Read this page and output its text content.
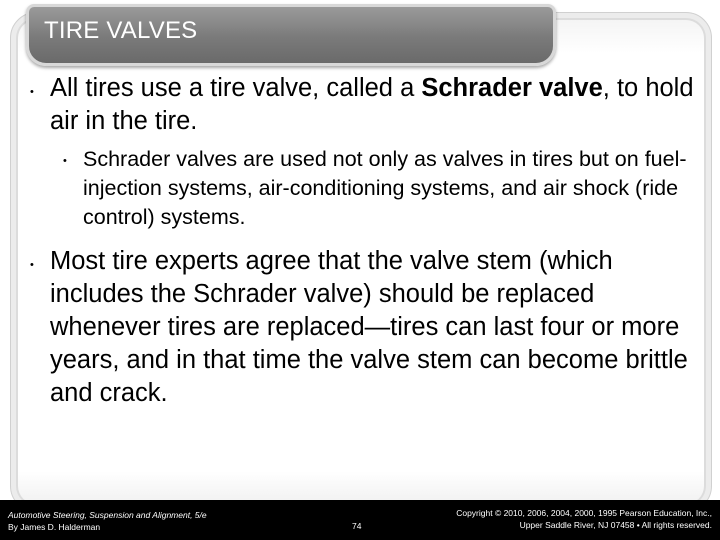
TIRE VALVES

• All tires use a tire valve, called a Schrader valve, to hold air in the tire.

• Schrader valves are used not only as valves in tires but on fuel-injection systems, air-conditioning systems, and air shock (ride control) systems.

• Most tire experts agree that the valve stem (which includes the Schrader valve) should be replaced whenever tires are replaced—tires can last four or more years, and in that time the valve stem can become brittle and crack.

Automotive Steering, Suspension and Alignment, 5/e
By James D. Halderman	74
Copyright © 2010, 2006, 2004, 2000, 1995 Pearson Education, Inc.,
Upper Saddle River, NJ 07458 • All rights reserved.
